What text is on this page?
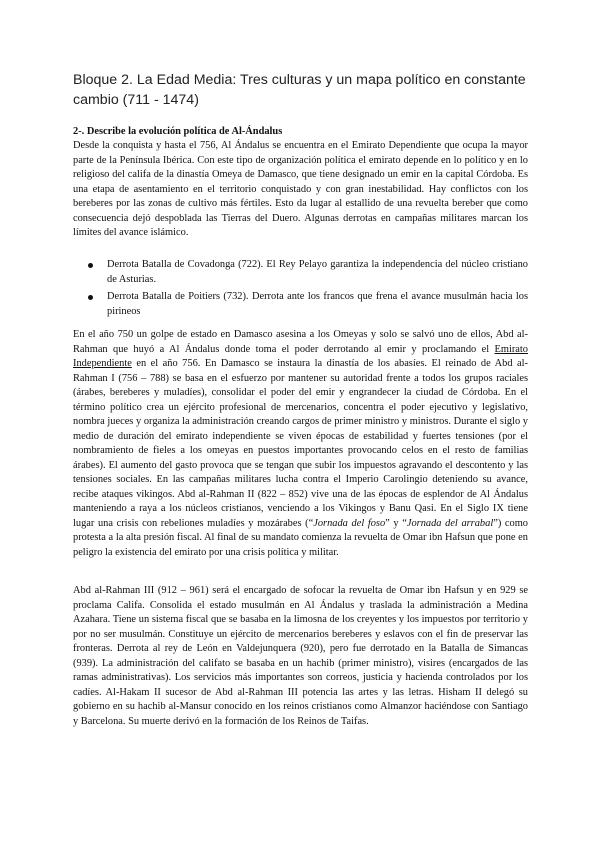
Bloque 2. La Edad Media: Tres culturas y un mapa político en constante cambio (711 - 1474)
2-. Describe la evolución política de Al-Ándalus
Desde la conquista y hasta el 756, Al Ándalus se encuentra en el Emirato Dependiente que ocupa la mayor parte de la Península Ibérica. Con este tipo de organización política el emirato depende en lo político y en lo religioso del califa de la dinastía Omeya de Damasco, que tiene designado un emir en la capital Córdoba. Es una etapa de asentamiento en el territorio conquistado y con gran inestabilidad. Hay conflictos con los bereberes por las zonas de cultivo más fértiles. Esto da lugar al estallido de una revuelta bereber que como consecuencia dejó despoblada las Tierras del Duero. Algunas derrotas en campañas militares marcan los límites del avance islámico.
Derrota Batalla de Covadonga (722). El Rey Pelayo garantiza la independencia del núcleo cristiano de Asturias.
Derrota Batalla de Poitiers (732). Derrota ante los francos que frena el avance musulmán hacia los pirineos
En el año 750 un golpe de estado en Damasco asesina a los Omeyas y solo se salvó uno de ellos, Abd al-Rahman que huyó a Al Ándalus donde toma el poder derrotando al emir y proclamando el Emirato Independiente en el año 756. En Damasco se instaura la dinastía de los abasíes. El reinado de Abd al-Rahman I (756 – 788) se basa en el esfuerzo por mantener su autoridad frente a todos los grupos raciales (árabes, bereberes y muladíes), consolidar el poder del emir y engrandecer la ciudad de Córdoba. En el término político crea un ejército profesional de mercenarios, concentra el poder ejecutivo y legislativo, nombra jueces y organiza la administración creando cargos de primer ministro y ministros. Durante el siglo y medio de duración del emirato independiente se viven épocas de estabilidad y fuertes tensiones (por el nombramiento de fieles a los omeyas en puestos importantes provocando celos en el resto de familias árabes). El aumento del gasto provoca que se tengan que subir los impuestos agravando el descontento y las tensiones sociales. En las campañas militares lucha contra el Imperio Carolingio deteniendo su avance, recibe ataques vikingos. Abd al-Rahman II (822 – 852) vive una de las épocas de esplendor de Al Ándalus manteniendo a raya a los núcleos cristianos, venciendo a los Vikingos y Banu Qasi. En el Siglo IX tiene lugar una crisis con rebeliones muladíes y mozárabes (“Jornada del foso” y “Jornada del arrabal”) como protesta a la alta presión fiscal. Al final de su mandato comienza la revuelta de Omar ibn Hafsun que pone en peligro la existencia del emirato por una crisis política y militar.
Abd al-Rahman III (912 – 961) será el encargado de sofocar la revuelta de Omar ibn Hafsun y en 929 se proclama Califa. Consolida el estado musulmán en Al Ándalus y traslada la administración a Medina Azahara. Tiene un sistema fiscal que se basaba en la limosna de los creyentes y los impuestos por territorio y por no ser musulmán. Constituye un ejército de mercenarios bereberes y eslavos con el fin de preservar las fronteras. Derrota al rey de León en Valdejunquera (920), pero fue derrotado en la Batalla de Simancas (939). La administración del califato se basaba en un hachib (primer ministro), visires (encargados de las ramas administrativas). Los servicios más importantes son correos, justicia y hacienda controlados por los cadíes. Al-Hakam II sucesor de Abd al-Rahman III potencia las artes y las letras. Hisham II delegó su gobierno en su hachib al-Mansur conocido en los reinos cristianos como Almanzor haciéndose con Santiago y Barcelona. Su muerte derivó en la formación de los Reinos de Taifas.
